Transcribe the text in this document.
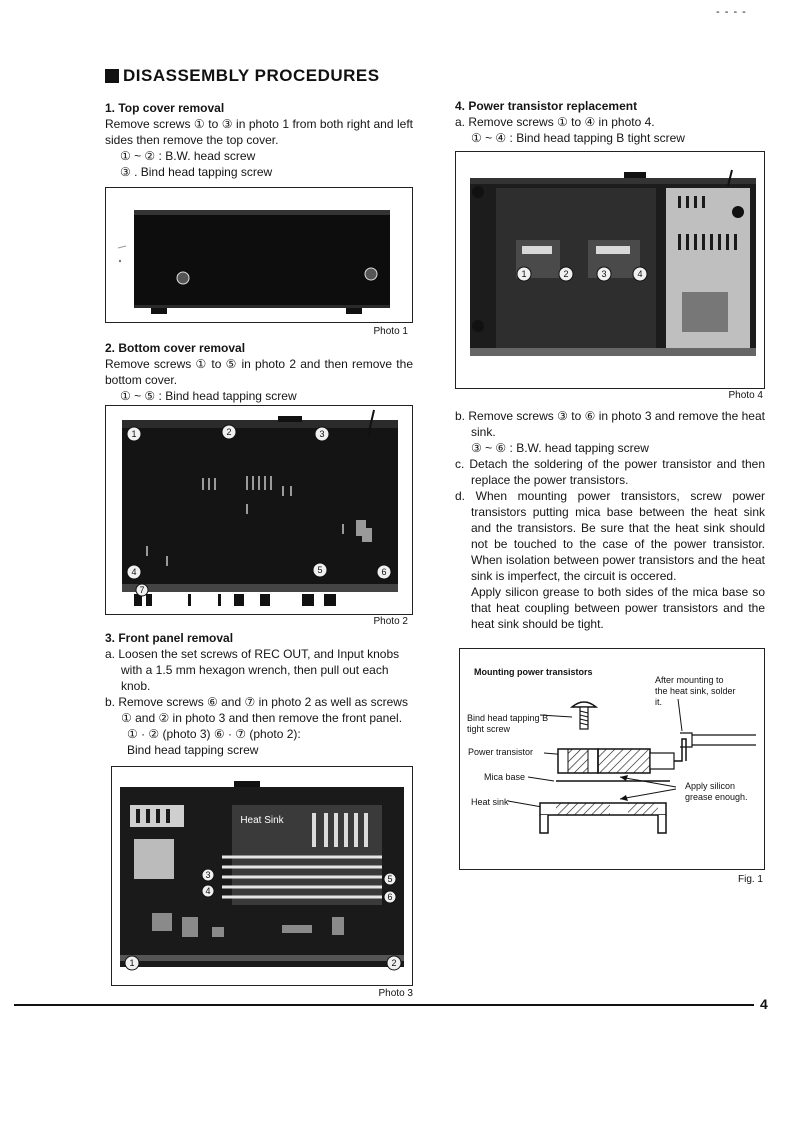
- - - -
DISASSEMBLY PROCEDURES
1. Top cover removal
Remove screws ① to ③ in photo 1 from both right and left sides then remove the top cover.
① ~ ② : B.W. head screw
③ . Bind head tapping screw
Photo 1
2. Bottom cover removal
Remove screws ① to ⑤ in photo 2 and then remove the bottom cover.
① ~ ⑤ : Bind head tapping screw
1	2	3
4	5	6
7
Photo 2
3. Front panel removal
a. Loosen the set screws of REC OUT, and Input knobs with a 1.5 mm hexagon wrench, then pull out each knob.
b. Remove screws ⑥ and ⑦ in photo 2 as well as screws ① and ② in photo 3 and then remove the front panel.
① · ② (photo 3) ⑥ · ⑦ (photo 2):
Bind head tapping screw
Heat Sink
1	2
3
4
5
6
Photo 3
4. Power transistor replacement
a. Remove screws ① to ④ in photo 4.
① ~ ④ : Bind head tapping B tight screw
1	2	3	4
Photo 4
b. Remove screws ③ to ⑥ in photo 3 and remove the heat sink.
③ ~ ⑥ : B.W. head tapping screw
c. Detach the soldering of the power transistor and then replace the power transistors.
d. When mounting power transistors, screw power transistors putting mica base between the heat sink and the transistors. Be sure that the heat sink should not be touched to the case of the power transistor. When isolation between power transistors and the heat sink is imperfect, the circuit is occered.
Apply silicon grease to both sides of the mica base so that heat coupling between power transistors and the heat sink should be tight.
Mounting power transistors
After mounting to the heat sink, solder it.
Bind head tapping B tight screw
Power transistor
Mica base
Heat sink
Apply silicon grease enough.
Fig. 1
4
